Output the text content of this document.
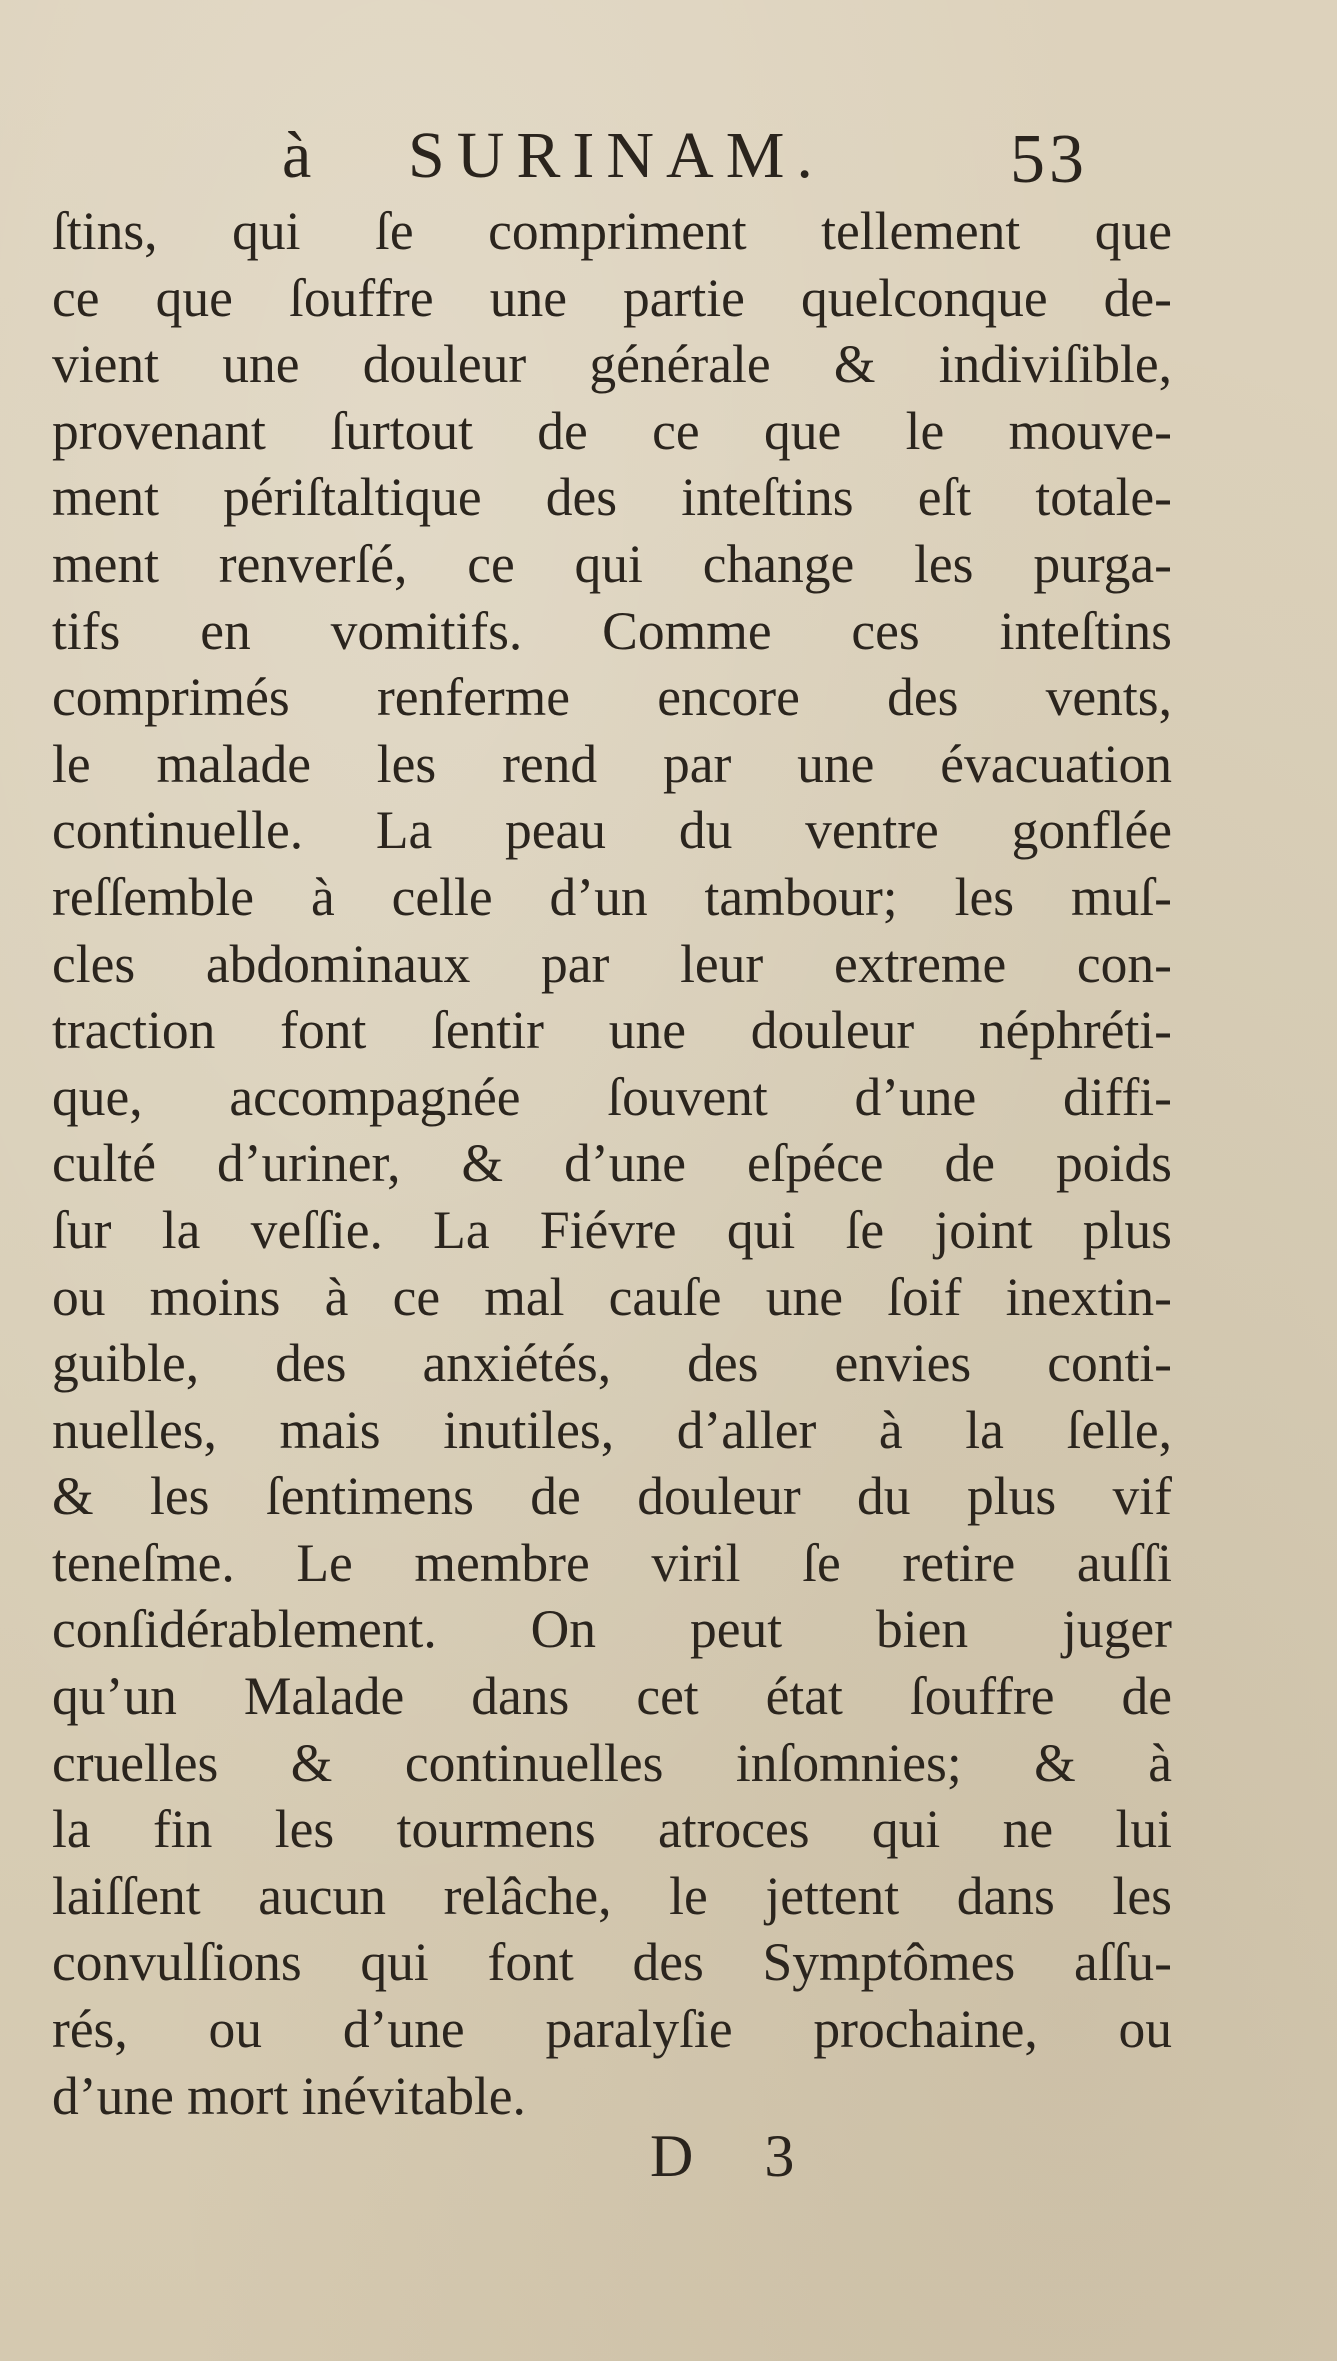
à SURINAM.	53
ſtins, qui ſe compriment tellement que
ce que ſouffre une partie quelconque de-
vient une douleur générale & indiviſible,
provenant ſurtout de ce que le mouve-
ment périſtaltique des inteſtins eſt totale-
ment renverſé, ce qui change les purga-
tifs en vomitifs. Comme ces inteſtins
comprimés renferme encore des vents,
le malade les rend par une évacuation
continuelle. La peau du ventre gonflée
reſſemble à celle d’un tambour; les muſ-
cles abdominaux par leur extreme con-
traction font ſentir une douleur néphréti-
que, accompagnée ſouvent d’une diffi-
culté d’uriner, & d’une eſpéce de poids
ſur la veſſie. La Fiévre qui ſe joint plus
ou moins à ce mal cauſe une ſoif inextin-
guible, des anxiétés, des envies conti-
nuelles, mais inutiles, d’aller à la ſelle,
& les ſentimens de douleur du plus vif
teneſme. Le membre viril ſe retire auſſi
conſidérablement. On peut bien juger
qu’un Malade dans cet état ſouffre de
cruelles & continuelles inſomnies; & à
la fin les tourmens atroces qui ne lui
laiſſent aucun relâche, le jettent dans les
convulſions qui font des Symptômes aſſu-
rés, ou d’une paralyſie prochaine, ou
d’une mort inévitable.
D 3
